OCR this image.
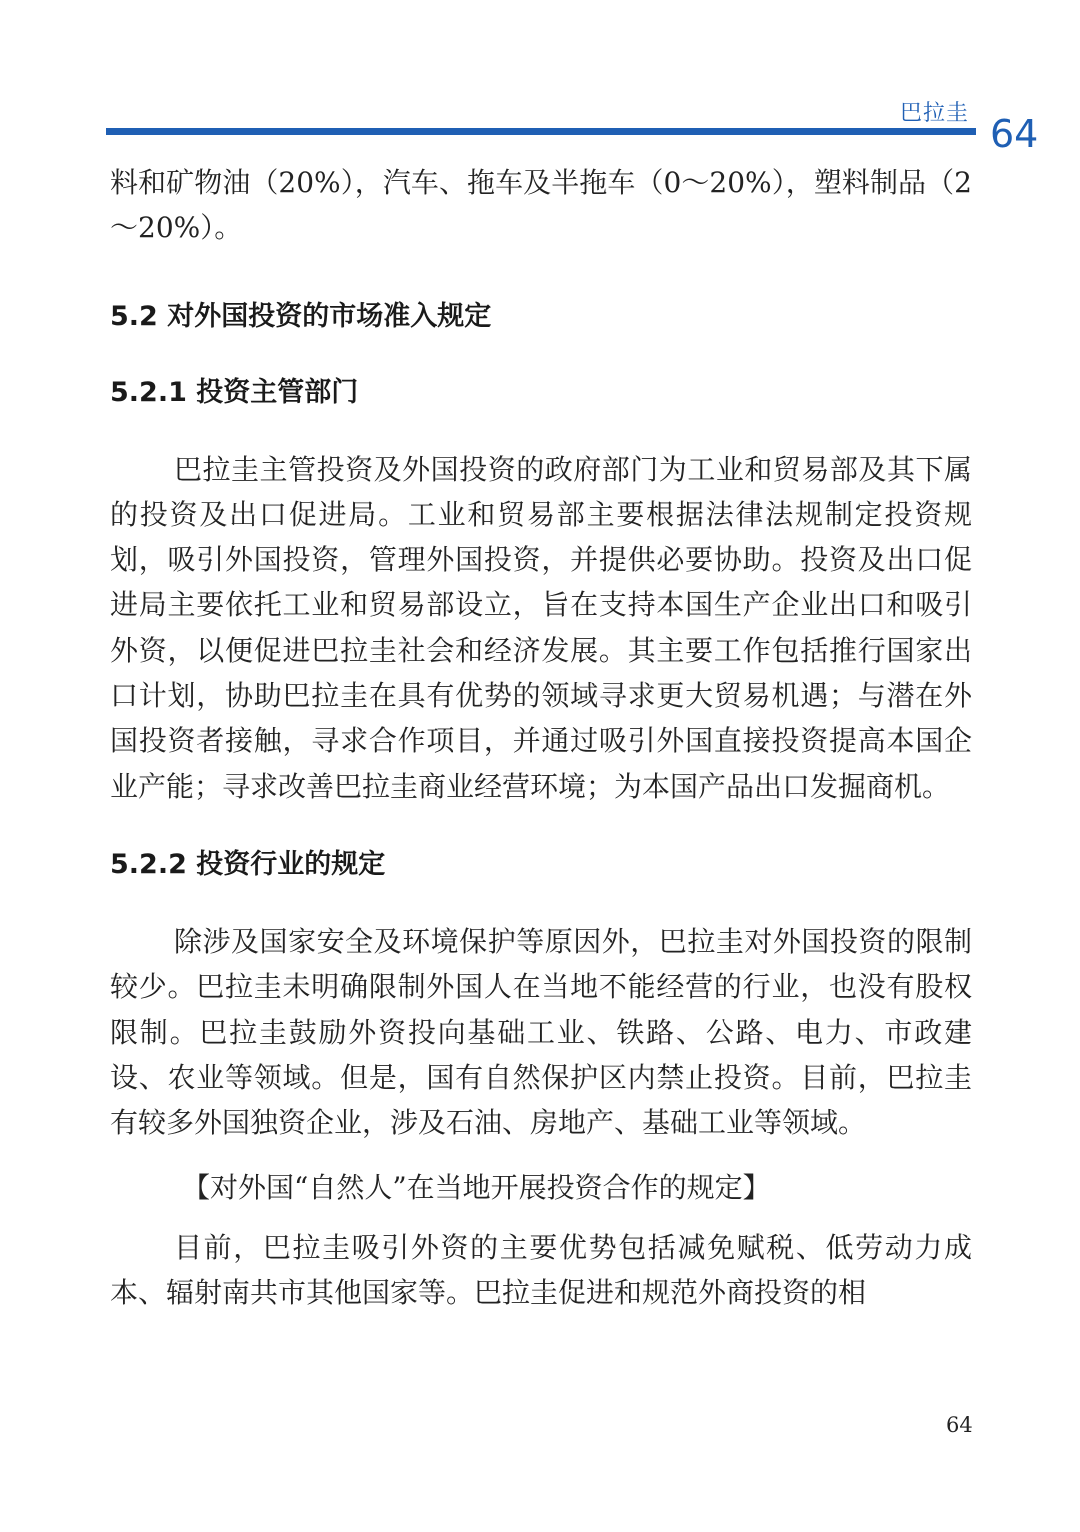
巴拉圭 64

料和矿物油（20%），汽车、拖车及半拖车（0～20%），塑料制品（2～20%）。

5.2 对外国投资的市场准入规定
5.2.1 投资主管部门

巴拉圭主管投资及外国投资的政府部门为工业和贸易部及其下属的投资及出口促进局。工业和贸易部主要根据法律法规制定投资规划，吸引外国投资，管理外国投资，并提供必要协助。投资及出口促进局主要依托工业和贸易部设立，旨在支持本国生产企业出口和吸引外资，以便促进巴拉圭社会和经济发展。其主要工作包括推行国家出口计划，协助巴拉圭在具有优势的领域寻求更大贸易机遇；与潜在外国投资者接触，寻求合作项目，并通过吸引外国直接投资提高本国企业产能；寻求改善巴拉圭商业经营环境；为本国产品出口发掘商机。

5.2.2 投资行业的规定

除涉及国家安全及环境保护等原因外，巴拉圭对外国投资的限制较少。巴拉圭未明确限制外国人在当地不能经营的行业，也没有股权限制。巴拉圭鼓励外资投向基础工业、铁路、公路、电力、市政建设、农业等领域。但是，国有自然保护区内禁止投资。目前，巴拉圭有较多外国独资企业，涉及石油、房地产、基础工业等领域。

【对外国“自然人”在当地开展投资合作的规定】

目前，巴拉圭吸引外资的主要优势包括减免赋税、低劳动力成本、辐射南共市其他国家等。巴拉圭促进和规范外商投资的相

64
